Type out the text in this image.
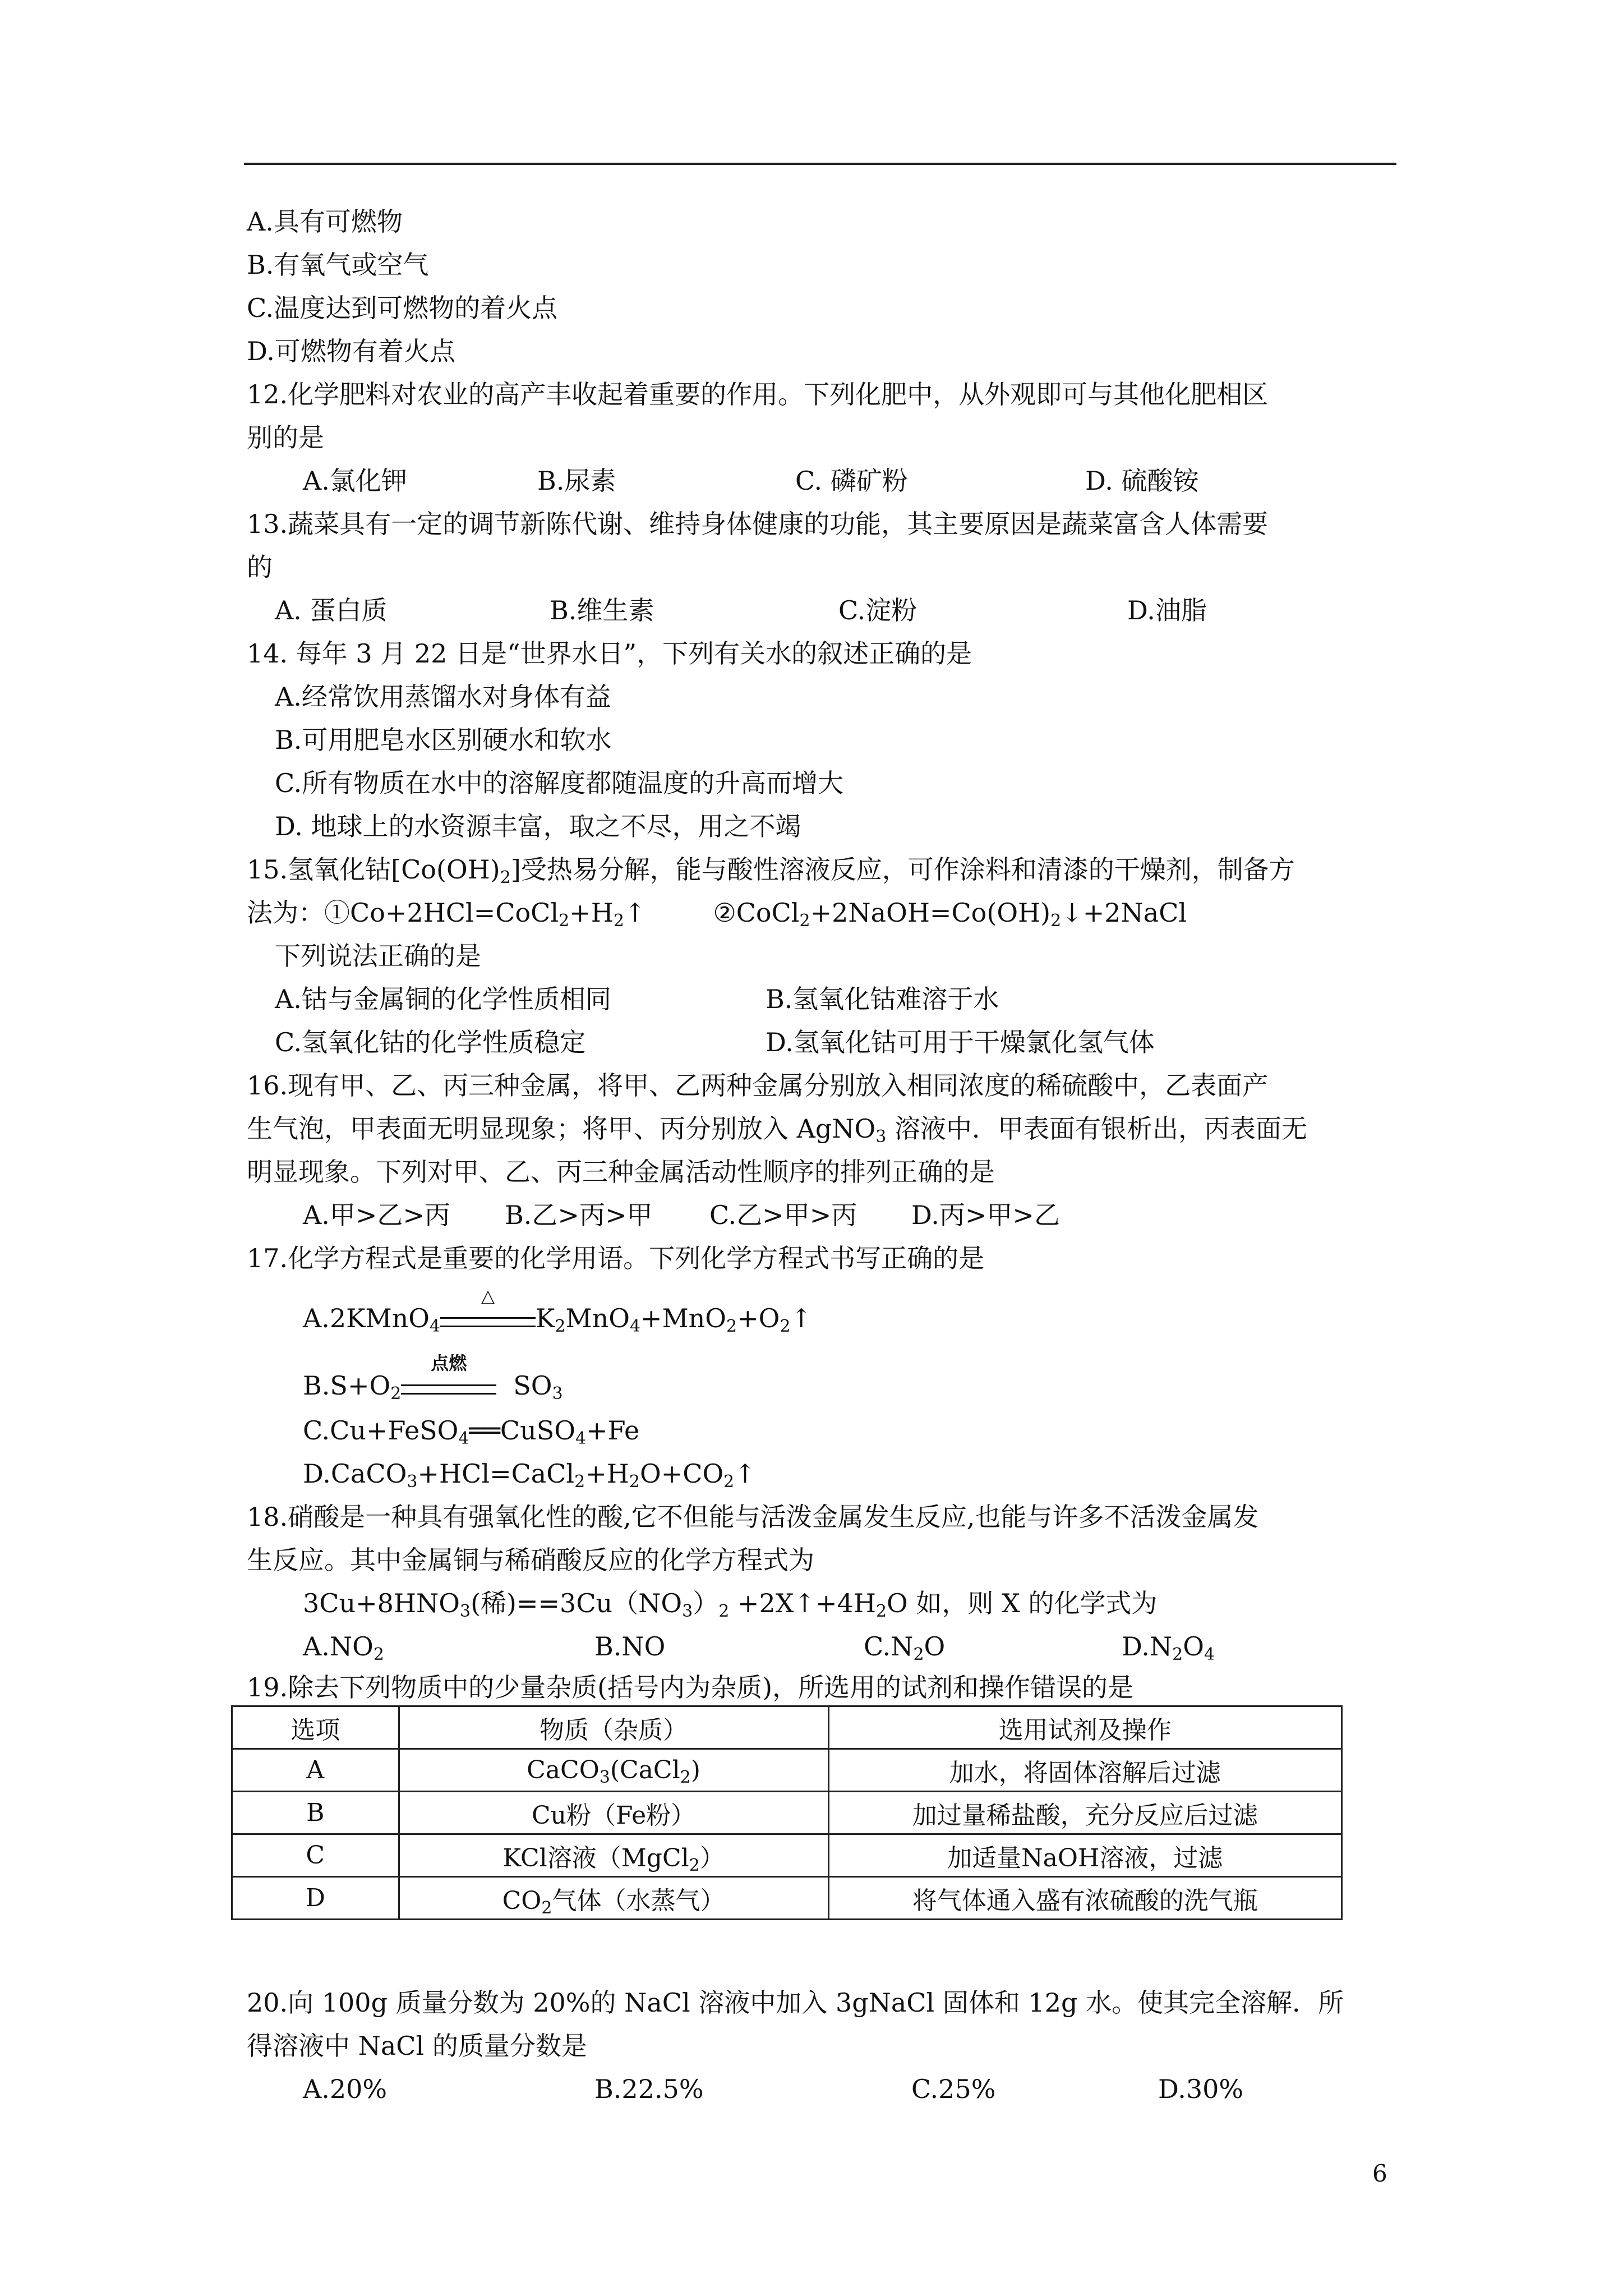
A.具有可燃物
B.有氧气或空气
C.温度达到可燃物的着火点
D.可燃物有着火点
12.化学肥料对农业的高产丰收起着重要的作用。下列化肥中，从外观即可与其他化肥相区
别的是
A.氯化钾	B.尿素	C. 磷矿粉	D. 硫酸铵
13.蔬菜具有一定的调节新陈代谢、维持身体健康的功能，其主要原因是蔬菜富含人体需要
的
A. 蛋白质	B.维生素	C.淀粉	D.油脂
14. 每年 3 月 22 日是“世界水日”，下列有关水的叙述正确的是
A.经常饮用蒸馏水对身体有益
B.可用肥皂水区别硬水和软水
C.所有物质在水中的溶解度都随温度的升高而增大
D. 地球上的水资源丰富，取之不尽，用之不竭
15.氢氧化钴$[Co(OH)_2]$受热易分解，能与酸性溶液反应，可作涂料和清漆的干燥剂，制备方
法为：$①Co+2HCl=CoCl_2+H_2↑$	$②CoCl_2+2NaOH=Co(OH)_2↓+2NaCl$
下列说法正确的是
A.钴与金属铜的化学性质相同	B.氢氧化钴难溶于水
C.氢氧化钴的化学性质稳定	D.氢氧化钴可用于干燥氯化氢气体
16.现有甲、乙、丙三种金属，将甲、乙两种金属分别放入相同浓度的稀硫酸中，乙表面产
生气泡，甲表面无明显现象；将甲、丙分别放入 AgNO$_3$ 溶液中．甲表面有银析出，丙表面无
明显现象。下列对甲、乙、丙三种金属活动性顺序的排列正确的是
A.甲>乙>丙 B.乙>丙>甲 C.乙>甲>丙 D.丙>甲>乙
17.化学方程式是重要的化学用语。下列化学方程式书写正确的是
A.2KMnO$_4$
△
$K_2MnO_4+MnO_2+O_2↑$
$B.S+O_2$
点燃
$SO_3$
C.Cu+FeSO$_4$══CuSO$_4$+Fe
$D.CaCO_3+HCl=CaCl_2+H_2O+CO_2↑$
18.硝酸是一种具有强氧化性的酸,它不但能与活泼金属发生反应,也能与许多不活泼金属发
生反应。其中金属铜与稀硝酸反应的化学方程式为
$3Cu+8HNO_3$(稀)$==3Cu(NO_3)_2$ $+2X↑+4H_2O$ 如，则 X 的化学式为
$A.NO_2$	B.NO	$C.N_2O$	$D.N_2O_4$
19.除去下列物质中的少量杂质(括号内为杂质)，所选用的试剂和操作错误的是
选项	物质（杂质）	选用试剂及操作
A	CaCO$_3$(CaCl$_2$)	加水，将固体溶解后过滤
B	Cu粉（Fe粉）	加过量稀盐酸，充分反应后过滤
C	KCl溶液（MgCl$_2$）	加适量NaOH溶液，过滤
D	$CO_2$气体（水蒸气）	将气体通入盛有浓硫酸的洗气瓶
20.向 100g 质量分数为 20%的 NaCl 溶液中加入 3gNaCl 固体和 12g 水。使其完全溶解．所
得溶液中 NaCl 的质量分数是
A.20%	B.22.5%	C.25%	D.30%
6
